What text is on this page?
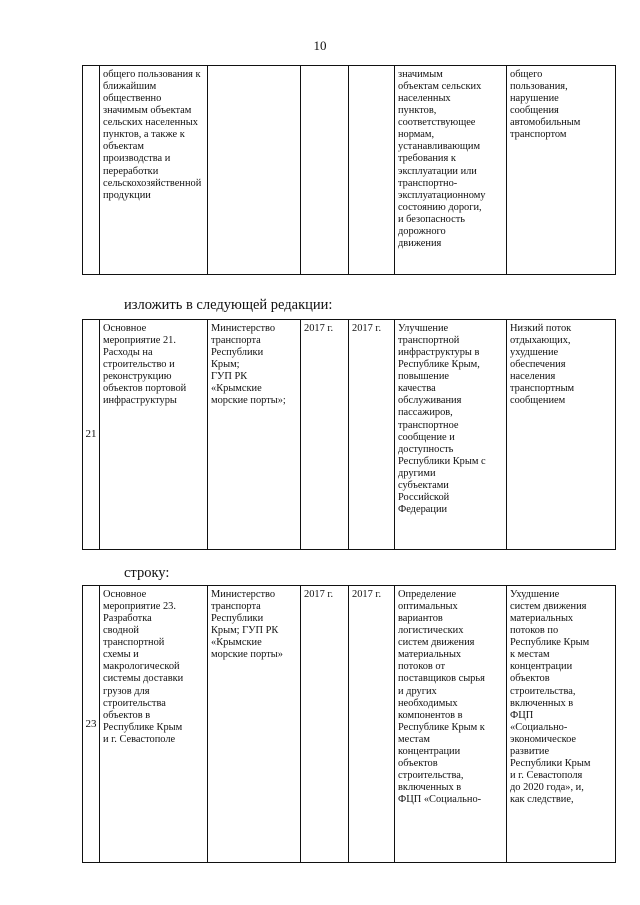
10
	общего пользования к
ближайшим
общественно
значимым объектам
сельских населенных
пунктов, а также к
объектам
производства и
переработки
сельскохозяйственной
продукции				значимым
объектам сельских
населенных
пунктов,
соответствующее
нормам,
устанавливающим
требования к
эксплуатации или
транспортно-
эксплуатационному
состоянию дороги,
и безопасность
дорожного
движения	общего
пользования,
нарушение
сообщения
автомобильным
транспортом
изложить в следующей редакции:
21	Основное
мероприятие 21.
Расходы на
строительство и
реконструкцию
объектов портовой
инфраструктуры	Министерство
транспорта
Республики
Крым;
ГУП РК
«Крымские
морские порты»;	2017 г.	2017 г.	Улучшение
транспортной
инфраструктуры в
Республике Крым,
повышение
качества
обслуживания
пассажиров,
транспортное
сообщение и
доступность
Республики Крым с
другими
субъектами
Российской
Федерации	Низкий поток
отдыхающих,
ухудшение
обеспечения
населения
транспортным
сообщением
строку:
23	Основное
мероприятие 23.
Разработка
сводной
транспортной
схемы и
макрологической
системы доставки
грузов для
строительства
объектов в
Республике Крым
и г. Севастополе	Министерство
транспорта
Республики
Крым; ГУП РК
«Крымские
морские порты»	2017 г.	2017 г.	Определение
оптимальных
вариантов
логистических
систем движения
материальных
потоков от
поставщиков сырья
и других
необходимых
компонентов в
Республике Крым к
местам
концентрации
объектов
строительства,
включенных в
ФЦП «Социально-	Ухудшение
систем движения
материальных
потоков по
Республике Крым
к местам
концентрации
объектов
строительства,
включенных в
ФЦП
«Социально-
экономическое
развитие
Республики Крым
и г. Севастополя
до 2020 года», и,
как следствие,
